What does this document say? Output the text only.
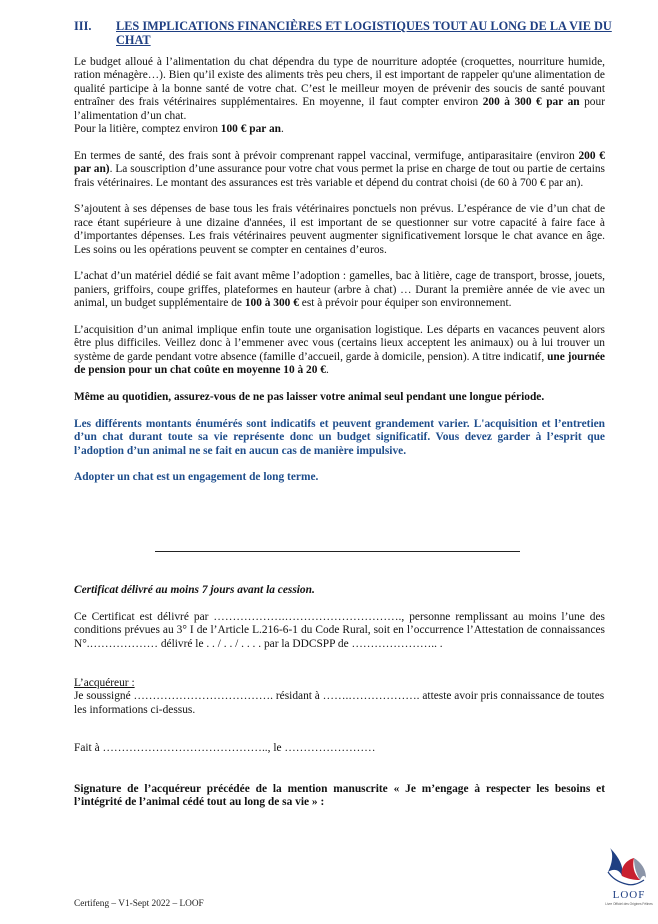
III. LES IMPLICATIONS FINANCIÈRES ET LOGISTIQUES TOUT AU LONG DE LA VIE DU CHAT

Le budget alloué à l’alimentation du chat dépendra du type de nourriture adoptée (croquettes, nourriture humide, ration ménagère…). Bien qu’il existe des aliments très peu chers, il est important de rappeler qu'une alimentation de qualité participe à la bonne santé de votre chat. C’est le meilleur moyen de prévenir des soucis de santé pouvant entraîner des frais vétérinaires supplémentaires. En moyenne, il faut compter environ 200 à 300 € par an pour l’alimentation d’un chat.

Pour la litière, comptez environ 100 € par an.

En termes de santé, des frais sont à prévoir comprenant rappel vaccinal, vermifuge, antiparasitaire (environ 200 € par an). La souscription d’une assurance pour votre chat vous permet la prise en charge de tout ou partie de certains frais vétérinaires. Le montant des assurances est très variable et dépend du contrat choisi (de 60 à 700 € par an).

S’ajoutent à ses dépenses de base tous les frais vétérinaires ponctuels non prévus. L’espérance de vie d’un chat de race étant supérieure à une dizaine d'années, il est important de se questionner sur votre capacité à faire face à d’importantes dépenses. Les frais vétérinaires peuvent augmenter significativement lorsque le chat avance en âge. Les soins ou les opérations peuvent se compter en centaines d’euros.

L’achat d’un matériel dédié se fait avant même l’adoption : gamelles, bac à litière, cage de transport, brosse, jouets, paniers, griffoirs, coupe griffes, plateformes en hauteur (arbre à chat) … Durant la première année de vie avec un animal, un budget supplémentaire de 100 à 300 € est à prévoir pour équiper son environnement.

L’acquisition d’un animal implique enfin toute une organisation logistique. Les départs en vacances peuvent alors être plus difficiles. Veillez donc à l’emmener avec vous (certains lieux acceptent les animaux) ou à lui trouver un système de garde pendant votre absence (famille d’accueil, garde à domicile, pension). A titre indicatif, une journée de pension pour un chat coûte en moyenne 10 à 20 €.

Même au quotidien, assurez-vous de ne pas laisser votre animal seul pendant une longue période.

Les différents montants énumérés sont indicatifs et peuvent grandement varier. L'acquisition et l’entretien d’un chat durant toute sa vie représente donc un budget significatif. Vous devez garder à l’esprit que l’adoption d’un animal ne se fait en aucun cas de manière impulsive.

Adopter un chat est un engagement de long terme.

Certificat délivré au moins 7 jours avant la cession.

Ce Certificat est délivré par ……………….…………………………., personne remplissant au moins l’une des conditions prévues au 3° I de l’Article L.216-6-1 du Code Rural, soit en l’occurrence l’Attestation de connaissances N°.……………… délivré le . . / . . / . . . . par la DDCSPP de ………………….. .

L’acquéreur :

Je soussigné ………………………………. résidant à …….………………. atteste avoir pris connaissance de toutes les informations ci-dessus.

Fait à …………………………………….., le ……………………

Signature de l’acquéreur précédée de la mention manuscrite « Je m’engage à respecter les besoins et l’intégrité de l’animal cédé tout au long de sa vie » :

Certifeng – V1-Sept 2022 – LOOF
LOOF
Livre Officiel des Origines Félines
